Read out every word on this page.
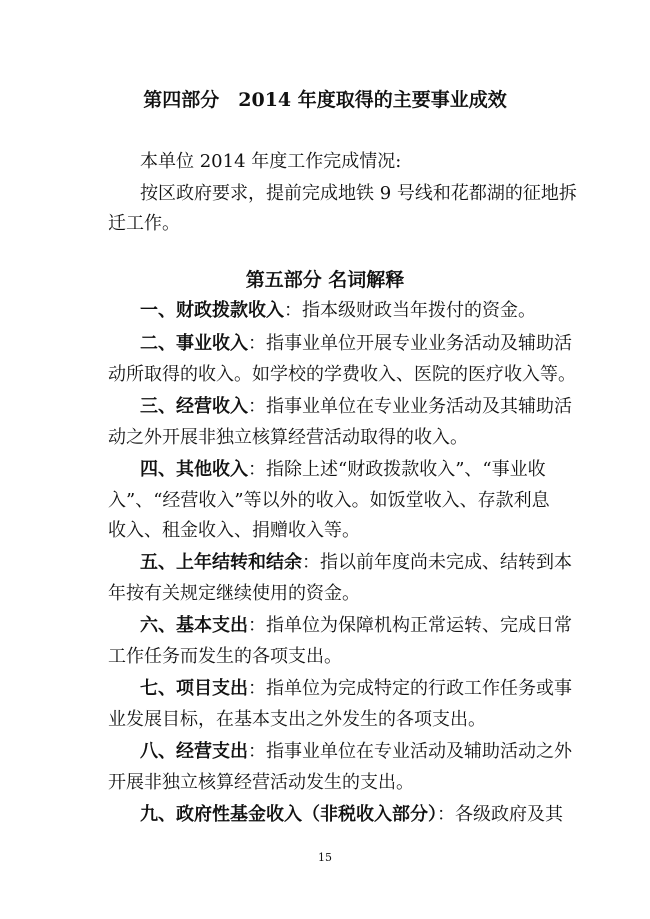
第四部分　2014 年度取得的主要事业成效

本单位 2014 年度工作完成情况:

按区政府要求，提前完成地铁 9 号线和花都湖的征地拆

迁工作。

第五部分 名词解释

一、财政拨款收入：指本级财政当年拨付的资金。

二、事业收入：指事业单位开展专业业务活动及辅助活

动所取得的收入。如学校的学费收入、医院的医疗收入等。

三、经营收入：指事业单位在专业业务活动及其辅助活

动之外开展非独立核算经营活动取得的收入。

四、其他收入：指除上述“财政拨款收入”、“事业收

入”、“经营收入”等以外的收入。如饭堂收入、存款利息

收入、租金收入、捐赠收入等。

五、上年结转和结余：指以前年度尚未完成、结转到本

年按有关规定继续使用的资金。

六、基本支出：指单位为保障机构正常运转、完成日常

工作任务而发生的各项支出。

七、项目支出：指单位为完成特定的行政工作任务或事

业发展目标，在基本支出之外发生的各项支出。

八、经营支出：指事业单位在专业活动及辅助活动之外

开展非独立核算经营活动发生的支出。

九、政府性基金收入（非税收入部分）：各级政府及其

15
